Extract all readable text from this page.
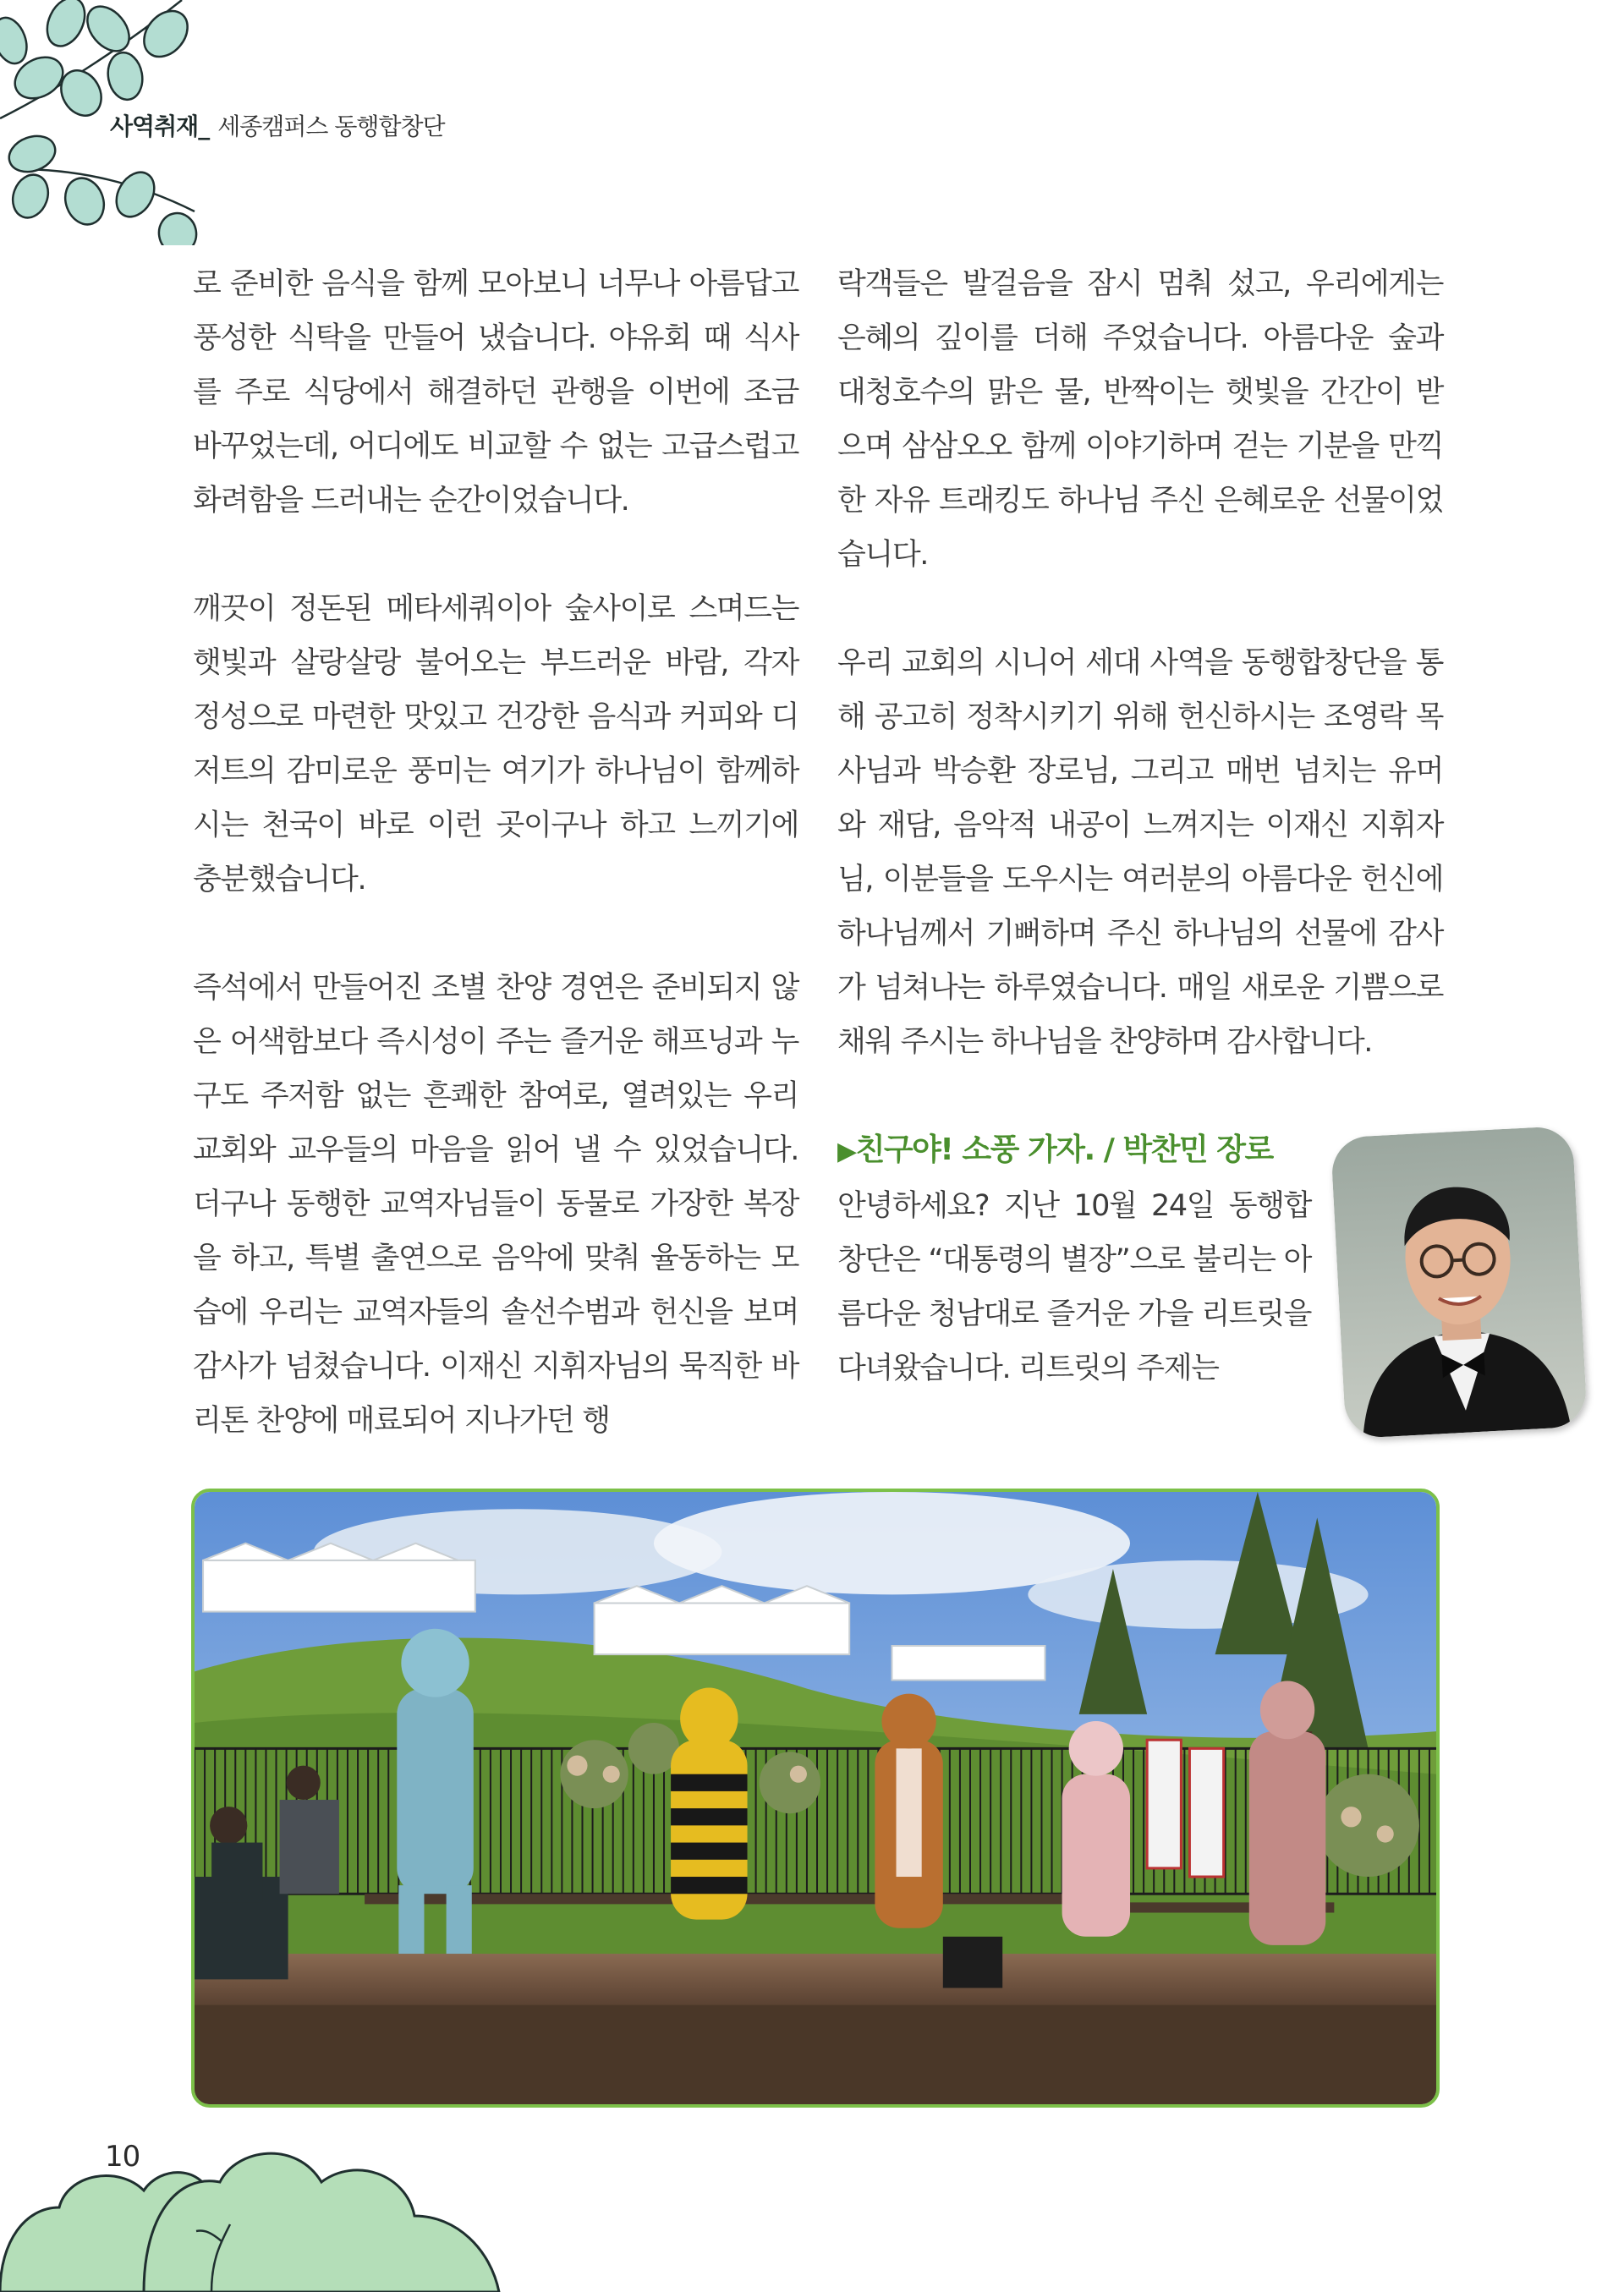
사역취재_ 세종캠퍼스 동행합창단

로 준비한 음식을 함께 모아보니 너무나 아름답고 풍성한 식탁을 만들어 냈습니다. 야유회 때 식사를 주로 식당에서 해결하던 관행을 이번에 조금 바꾸었는데, 어디에도 비교할 수 없는 고급스럽고 화려함을 드러내는 순간이었습니다.

깨끗이 정돈된 메타세쿼이아 숲사이로 스며드는 햇빛과 살랑살랑 불어오는 부드러운 바람, 각자 정성으로 마련한 맛있고 건강한 음식과 커피와 디저트의 감미로운 풍미는 여기가 하나님이 함께하시는 천국이 바로 이런 곳이구나 하고 느끼기에 충분했습니다.

즉석에서 만들어진 조별 찬양 경연은 준비되지 않은 어색함보다 즉시성이 주는 즐거운 해프닝과 누구도 주저함 없는 흔쾌한 참여로, 열려있는 우리 교회와 교우들의 마음을 읽어 낼 수 있었습니다. 더구나 동행한 교역자님들이 동물로 가장한 복장을 하고, 특별 출연으로 음악에 맞춰 율동하는 모습에 우리는 교역자들의 솔선수범과 헌신을 보며 감사가 넘쳤습니다. 이재신 지휘자님의 묵직한 바리톤 찬양에 매료되어 지나가던 행

락객들은 발걸음을 잠시 멈춰 섰고, 우리에게는 은혜의 깊이를 더해 주었습니다. 아름다운 숲과 대청호수의 맑은 물, 반짝이는 햇빛을 간간이 받으며 삼삼오오 함께 이야기하며 걷는 기분을 만끽한 자유 트래킹도 하나님 주신 은혜로운 선물이었습니다.

우리 교회의 시니어 세대 사역을 동행합창단을 통해 공고히 정착시키기 위해 헌신하시는 조영락 목사님과 박승환 장로님, 그리고 매번 넘치는 유머와 재담, 음악적 내공이 느껴지는 이재신 지휘자님, 이분들을 도우시는 여러분의 아름다운 헌신에 하나님께서 기뻐하며 주신 하나님의 선물에 감사가 넘쳐나는 하루였습니다. 매일 새로운 기쁨으로 채워 주시는 하나님을 찬양하며 감사합니다.

▶친구야! 소풍 가자. / 박찬민 장로

안녕하세요? 지난 10월 24일 동행합창단은 “대통령의 별장”으로 불리는 아름다운 청남대로 즐거운 가을 리트릿을 다녀왔습니다. 리트릿의 주제는

10
